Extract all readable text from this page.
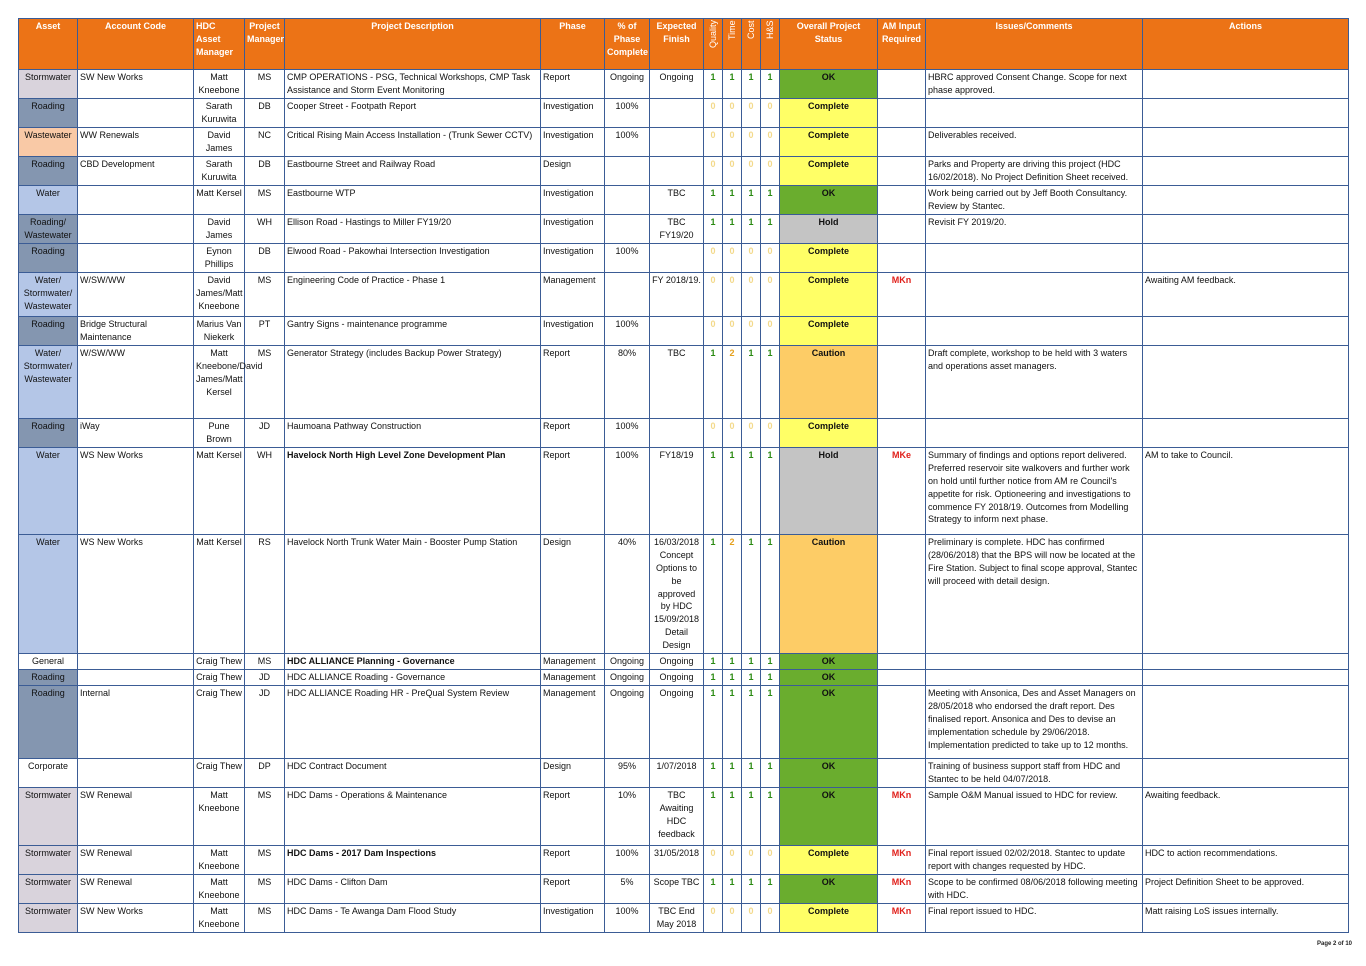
Asset	Account Code	HDC Asset Manager	Project Manager	Project Description	Phase	% of Phase Complete	Expected Finish	Quality	Time	Cost	H&S	Overall Project Status	AM Input Required	Issues/Comments	Actions
Stormwater	SW New Works	Matt Kneebone	MS	CMP OPERATIONS - PSG, Technical Workshops, CMP Task Assistance and Storm Event Monitoring	Report	Ongoing	Ongoing	1	1	1	1	OK		HBRC approved Consent Change. Scope for next phase approved.	
Roading		Sarath Kuruwita	DB	Cooper Street - Footpath Report	Investigation	100%		0	0	0	0	Complete			
Wastewater	WW Renewals	David James	NC	Critical Rising Main Access Installation - (Trunk Sewer CCTV)	Investigation	100%		0	0	0	0	Complete		Deliverables received.	
Roading	CBD Development	Sarath Kuruwita	DB	Eastbourne Street and Railway Road	Design			0	0	0	0	Complete		Parks and Property are driving this project (HDC 16/02/2018). No Project Definition Sheet received.	
Water		Matt Kersel	MS	Eastbourne WTP	Investigation		TBC	1	1	1	1	OK		Work being carried out by Jeff Booth Consultancy. Review by Stantec.	
Roading/ Wastewater		David James	WH	Ellison Road - Hastings to Miller FY19/20	Investigation		TBC FY19/20	1	1	1	1	Hold		Revisit FY 2019/20.	
Roading		Eynon Phillips	DB	Elwood Road - Pakowhai Intersection Investigation	Investigation	100%		0	0	0	0	Complete			
Water/ Stormwater/ Wastewater	W/SW/WW	David James/Matt Kneebone	MS	Engineering Code of Practice - Phase 1	Management		FY 2018/19.	0	0	0	0	Complete	MKn		Awaiting AM feedback.
Roading	Bridge Structural Maintenance	Marius Van Niekerk	PT	Gantry Signs - maintenance programme	Investigation	100%		0	0	0	0	Complete			
Water/ Stormwater/ Wastewater	W/SW/WW	Matt Kneebone/David James/Matt Kersel	MS	Generator Strategy (includes Backup Power Strategy)	Report	80%	TBC	1	2	1	1	Caution		Draft complete, workshop to be held with 3 waters and operations asset managers.	
Roading	iWay	Pune Brown	JD	Haumoana Pathway Construction	Report	100%		0	0	0	0	Complete			
Water	WS New Works	Matt Kersel	WH	Havelock North High Level Zone Development Plan	Report	100%	FY18/19	1	1	1	1	Hold	MKe	Summary of findings and options report delivered. Preferred reservoir site walkovers and further work on hold until further notice from AM re Council's appetite for risk. Optioneering and investigations to commence FY 2018/19. Outcomes from Modelling Strategy to inform next phase.	AM to take to Council.
Water	WS New Works	Matt Kersel	RS	Havelock North Trunk Water Main - Booster Pump Station	Design	40%	16/03/2018 Concept Options to be approved by HDC 15/09/2018 Detail Design	1	2	1	1	Caution		Preliminary is complete. HDC has confirmed (28/06/2018) that the BPS will now be located at the Fire Station. Subject to final scope approval, Stantec will proceed with detail design.	
General		Craig Thew	MS	HDC ALLIANCE Planning - Governance	Management	Ongoing	Ongoing	1	1	1	1	OK			
Roading		Craig Thew	JD	HDC ALLIANCE Roading - Governance	Management	Ongoing	Ongoing	1	1	1	1	OK			
Roading	Internal	Craig Thew	JD	HDC ALLIANCE Roading HR - PreQual System Review	Management	Ongoing	Ongoing	1	1	1	1	OK		Meeting with Ansonica, Des and Asset Managers on 28/05/2018 who endorsed the draft report. Des finalised report. Ansonica and Des to devise an implementation schedule by 29/06/2018. Implementation predicted to take up to 12 months.	
Corporate		Craig Thew	DP	HDC Contract Document	Design	95%	1/07/2018	1	1	1	1	OK		Training of business support staff from HDC and Stantec to be held 04/07/2018.	
Stormwater	SW Renewal	Matt Kneebone	MS	HDC Dams - Operations & Maintenance	Report	10%	TBC Awaiting HDC feedback	1	1	1	1	OK	MKn	Sample O&M Manual issued to HDC for review.	Awaiting feedback.
Stormwater	SW Renewal	Matt Kneebone	MS	HDC Dams - 2017 Dam Inspections	Report	100%	31/05/2018	0	0	0	0	Complete	MKn	Final report issued 02/02/2018. Stantec to update report with changes requested by HDC.	HDC to action recommendations.
Stormwater	SW Renewal	Matt Kneebone	MS	HDC Dams - Clifton Dam	Report	5%	Scope TBC	1	1	1	1	OK	MKn	Scope to be confirmed 08/06/2018 following meeting with HDC.	Project Definition Sheet to be approved.
Stormwater	SW New Works	Matt Kneebone	MS	HDC Dams - Te Awanga Dam Flood Study	Investigation	100%	TBC End May 2018	0	0	0	0	Complete	MKn	Final report issued to HDC.	Matt raising LoS issues internally.
Page 2 of 10
